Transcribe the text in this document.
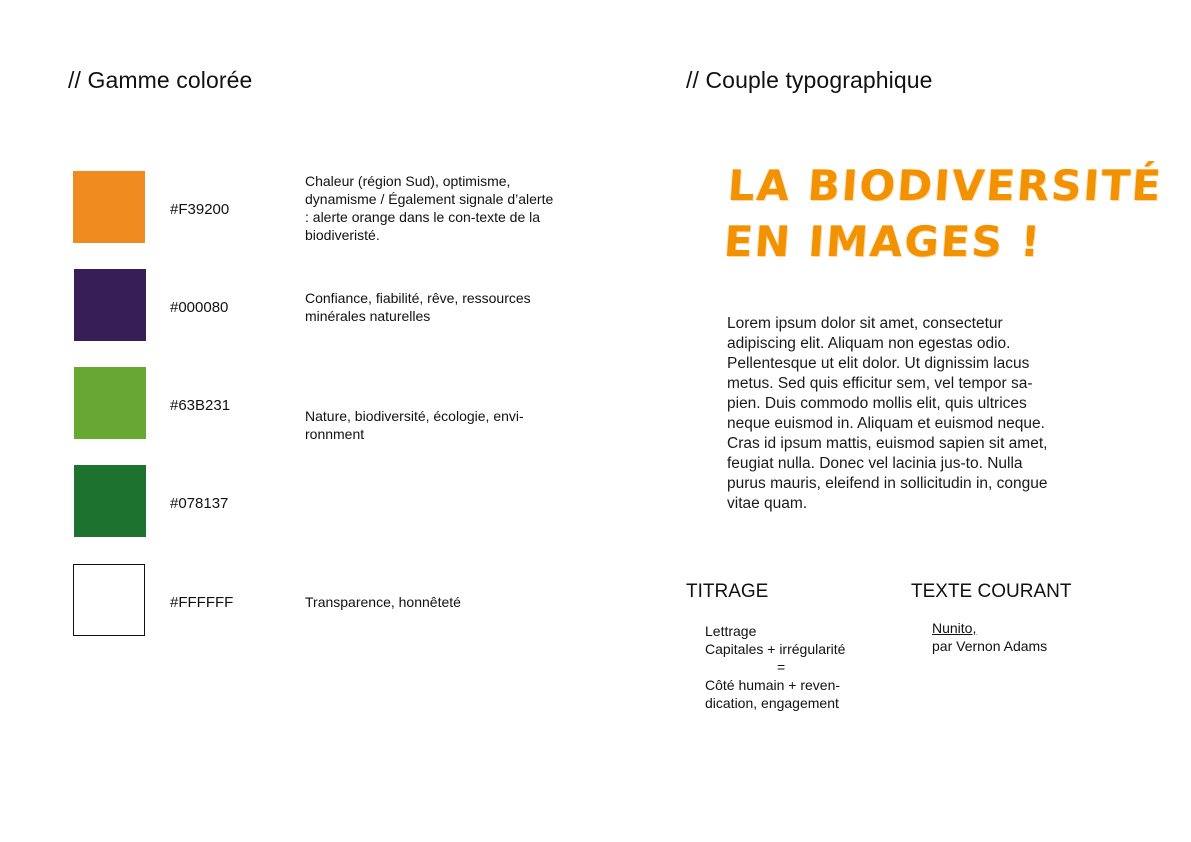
// Gamme colorée
#F39200
Chaleur (région Sud), optimisme, dynamisme / Également signale d’alerte : alerte orange dans le con-texte de la biodiveristé.
#000080
Confiance, fiabilité, rêve, ressources minérales naturelles
#63B231
Nature, biodiversité, écologie, envi-ronnment
#078137
#FFFFFF	Transparence, honnêteté
// Couple typographique
LA BIODIVERSITÉ
EN IMAGES !
Lorem ipsum dolor sit amet, consectetur adipiscing elit. Aliquam non egestas odio. Pellentesque ut elit dolor. Ut dignissim lacus metus. Sed quis efficitur sem, vel tempor sa-pien. Duis commodo mollis elit, quis ultrices neque euismod in. Aliquam et euismod neque. Cras id ipsum mattis, euismod sapien sit amet, feugiat nulla. Donec vel lacinia jus-to. Nulla purus mauris, eleifend in sollicitudin in, congue vitae quam.
TITRAGE
Lettrage
Capitales + irrégularité
=
Côté humain + reven-
dication, engagement
TEXTE COURANT
Nunito,
par Vernon Adams
